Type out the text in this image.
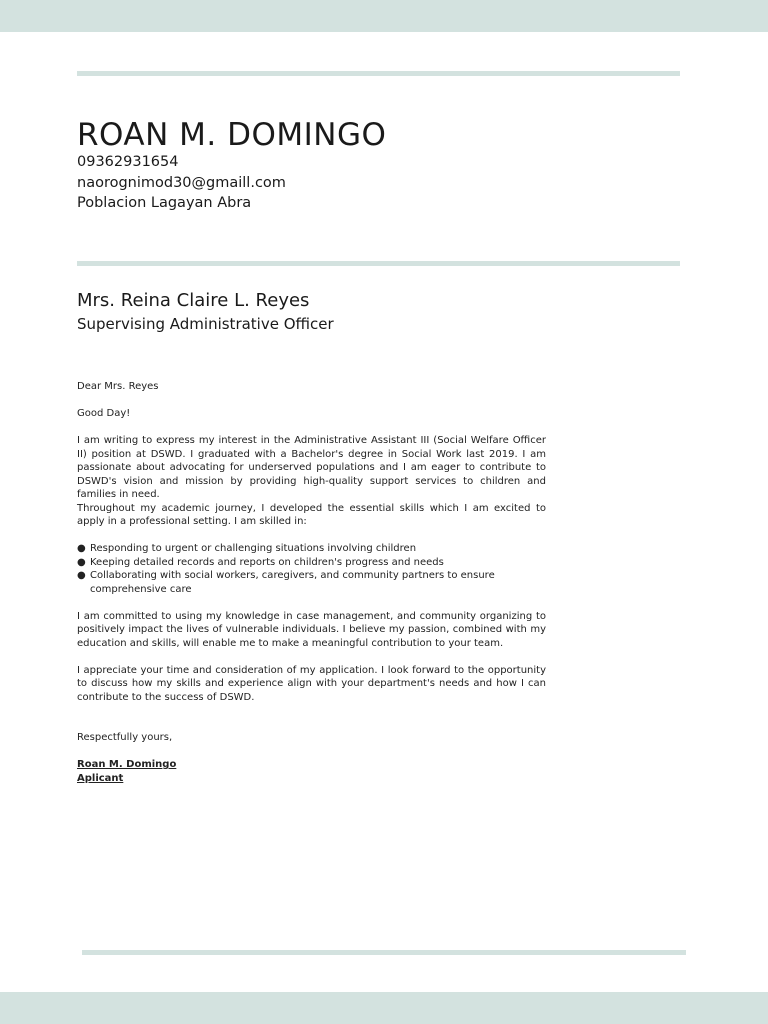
ROAN M. DOMINGO
09362931654
naorognimod30@gmaill.com
Poblacion Lagayan Abra
Mrs. Reina Claire L. Reyes
Supervising Administrative Officer

Dear Mrs. Reyes

Good Day!

I am writing to express my interest in the Administrative Assistant III (Social Welfare Officer II) position at DSWD. I graduated with a Bachelor's degree in Social Work last 2019. I am passionate about advocating for underserved populations and I am eager to contribute to DSWD's vision and mission by providing high-quality support services to children and families in need.

Throughout my academic journey, I developed the essential skills which I am excited to apply in a professional setting. I am skilled in:

● Responding to urgent or challenging situations involving children
● Keeping detailed records and reports on children's progress and needs
● Collaborating with social workers, caregivers, and community partners to ensure comprehensive care

I am committed to using my knowledge in case management, and community organizing to positively impact the lives of vulnerable individuals. I believe my passion, combined with my education and skills, will enable me to make a meaningful contribution to your team.

I appreciate your time and consideration of my application. I look forward to the opportunity to discuss how my skills and experience align with your department's needs and how I can contribute to the success of DSWD.

Respectfully yours,

Roan M. Domingo

Aplicant
